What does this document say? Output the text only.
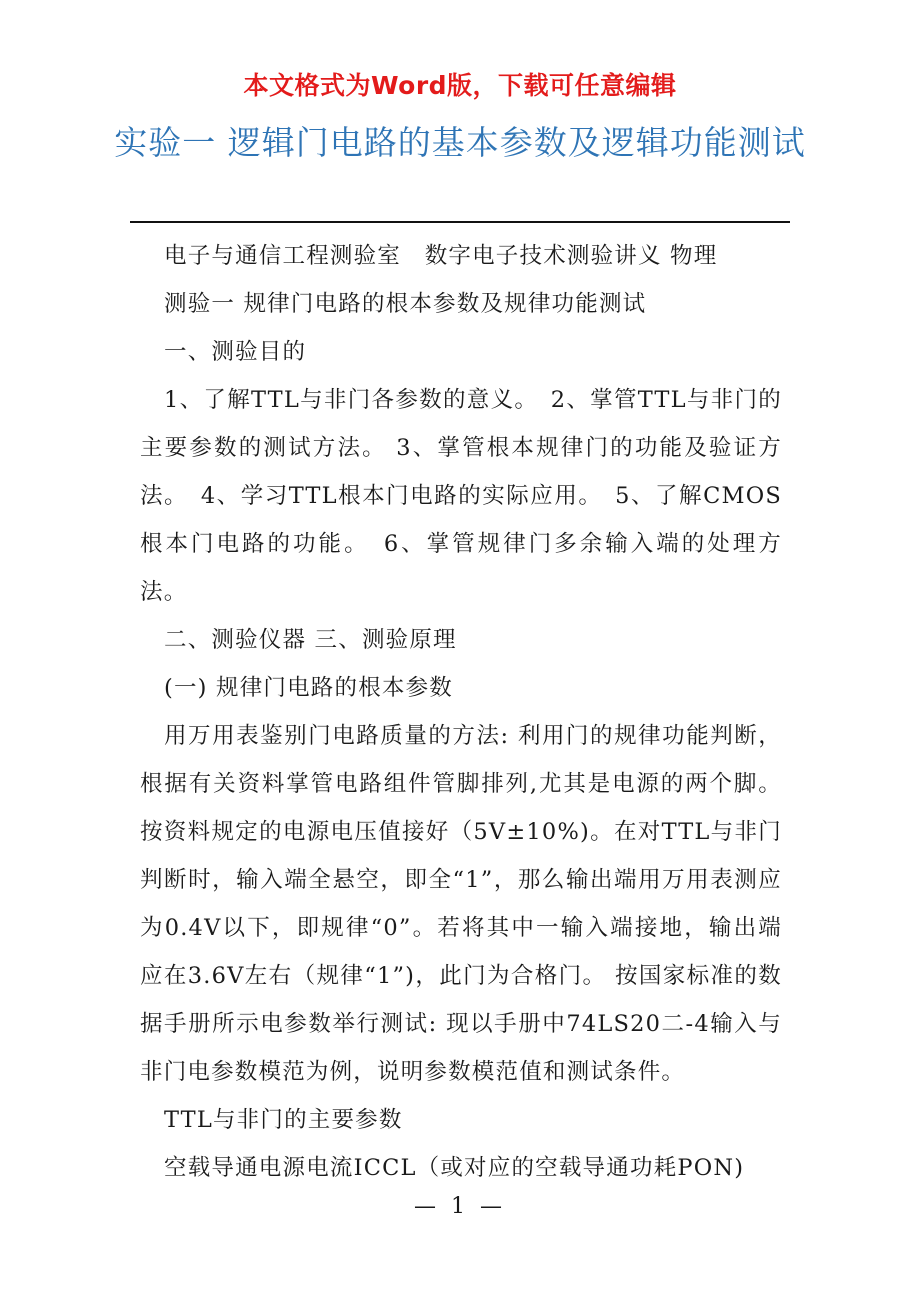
本文格式为Word版，下载可任意编辑
实验一 逻辑门电路的基本参数及逻辑功能测试

电子与通信工程测验室　数字电子技术测验讲义 物理

测验一 规律门电路的根本参数及规律功能测试

一、测验目的

1、了解TTL与非门各参数的意义。　2、掌管TTL与非门的主要参数的测试方法。 3、掌管根本规律门的功能及验证方法。　4、学习TTL根本门电路的实际应用。　5、了解CMOS根本门电路的功能。　6、掌管规律门多余输入端的处理方法。

二、测验仪器 三、测验原理

(一) 规律门电路的根本参数

用万用表鉴别门电路质量的方法: 利用门的规律功能判断，根据有关资料掌管电路组件管脚排列,尤其是电源的两个脚。按资料规定的电源电压值接好（5V±10%)。在对TTL与非门判断时，输入端全悬空，即全“1”，那么输出端用万用表测应为0.4V以下，即规律“0”。若将其中一输入端接地，输出端应在3.6V左右（规律“1”)，此门为合格门。 按国家标准的数据手册所示电参数举行测试: 现以手册中74LS20二-4输入与非门电参数模范为例，说明参数模范值和测试条件。

TTL与非门的主要参数

空载导通电源电流ICCL（或对应的空载导通功耗PON)

— 1 —
